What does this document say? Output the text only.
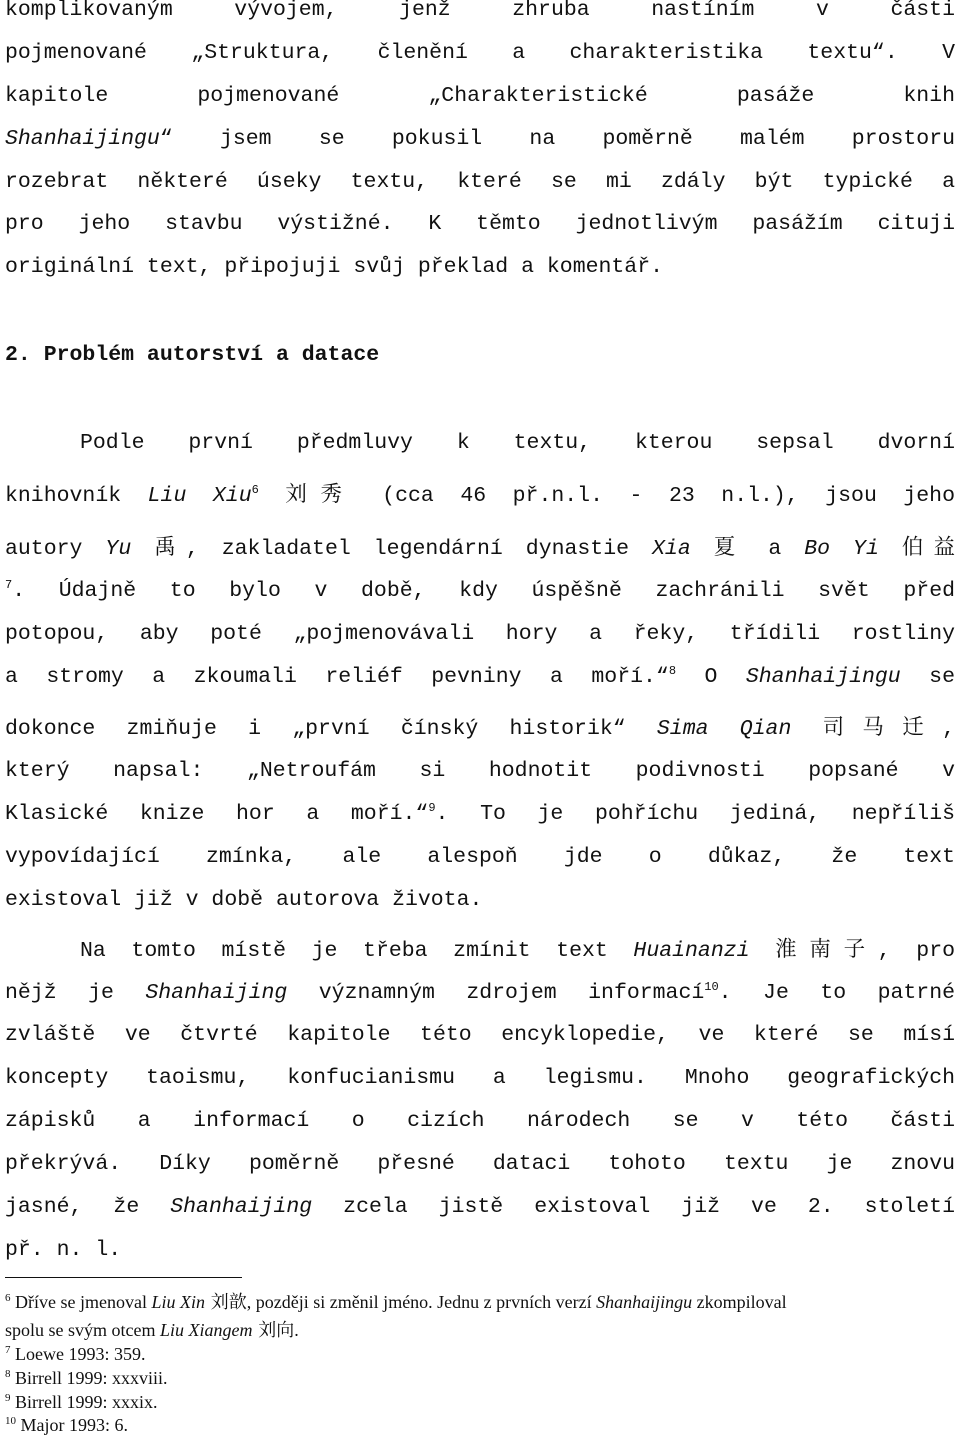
komplikovaným vývojem, jenž zhruba nastíním v části
pojmenované „Struktura, členění a charakteristika textu“. V
kapitole pojmenované „Charakteristické pasáže knih
Shanhaijingu“ jsem se pokusil na poměrně malém prostoru
rozebrat některé úseky textu, které se mi zdály být typické a
pro jeho stavbu výstižné. K těmto jednotlivým pasážím cituji
originální text, připojuji svůj překlad a komentář.
2. Problém autorství a datace
Podle první předmluvy k textu, kterou sepsal dvorní
knihovník Liu Xiu$^6$ 刘秀 (cca 46 př.n.l. - 23 n.l.), jsou jeho
autory Yu 禹, zakladatel legendární dynastie Xia 夏 a Bo Yi 伯益
$^7$. Údajně to bylo v době, kdy úspěšně zachránili svět před
potopou, aby poté „pojmenovávali hory a řeky, třídili rostliny
a stromy a zkoumali reliéf pevniny a moří.“$^8$ O Shanhaijingu se
dokonce zmiňuje i „první čínský historik“ Sima Qian 司马迁,
který napsal: „Netroufám si hodnotit podivnosti popsané v
Klasické knize hor a moří.“$^9$. To je pohříchu jediná, nepříliš
vypovídající zmínka, ale alespoň jde o důkaz, že text
existoval již v době autorova života.
Na tomto místě je třeba zmínit text Huainanzi 淮南子, pro
nějž je Shanhaijing významným zdrojem informací$^{10}$. Je to patrné
zvláště ve čtvrté kapitole této encyklopedie, ve které se mísí
koncepty taoismu, konfucianismu a legismu. Mnoho geografických
zápisků a informací o cizích národech se v této části
překrývá. Díky poměrně přesné dataci tohoto textu je znovu
jasné, že Shanhaijing zcela jistě existoval již ve 2. století
př. n. l.
$^6$ Dříve se jmenoval Liu Xin 刘歆, později si změnil jméno. Jednu z prvních verzí Shanhaijingu zkompiloval
spolu se svým otcem Liu Xiangem 刘向.
$^7$ Loewe 1993: 359.
$^8$ Birrell 1999: xxxviii.
$^9$ Birrell 1999: xxxix.
$^{10}$ Major 1993: 6.
